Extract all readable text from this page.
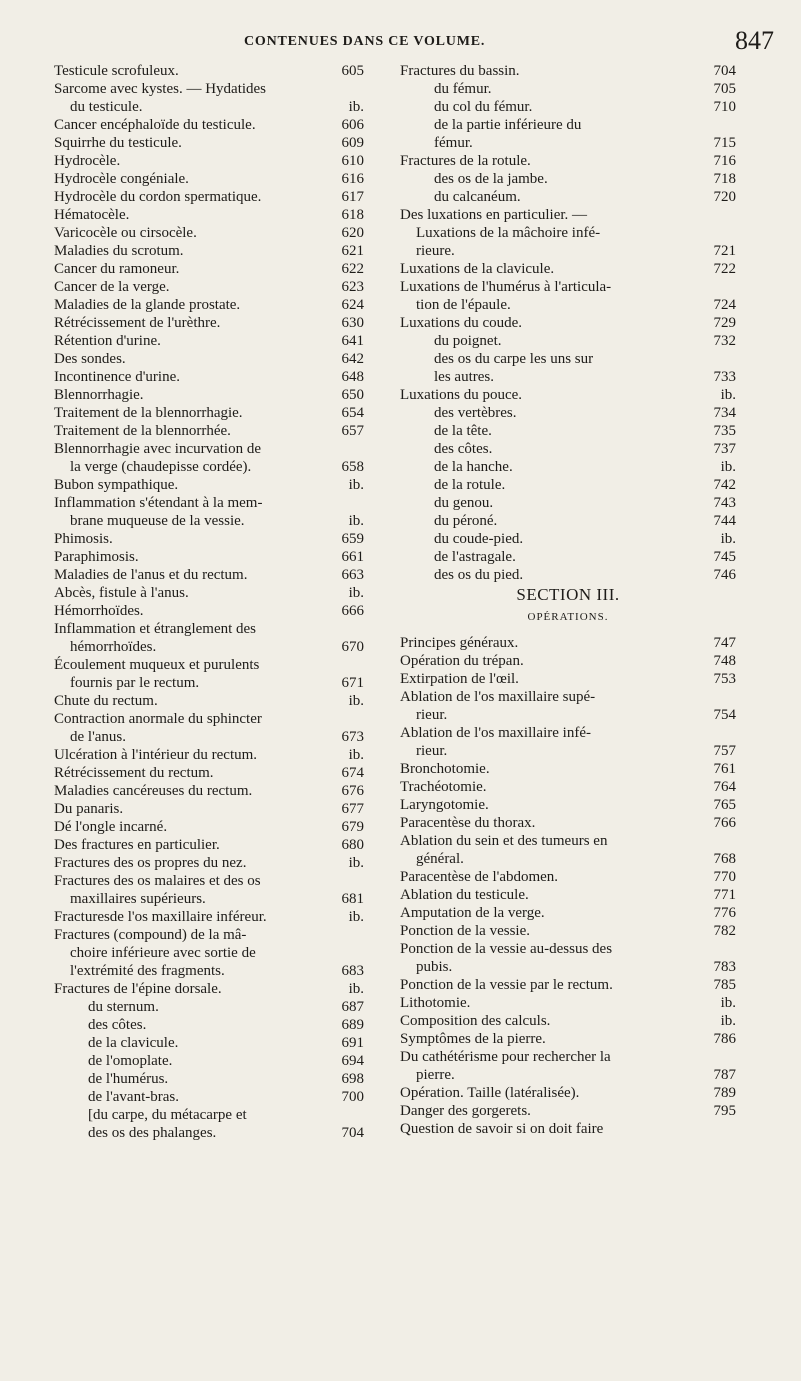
CONTENUES DANS CE VOLUME.	847
Testicule scrofuleux.	605
Sarcome avec kystes. — Hydatides
du testicule.	ib.
Cancer encéphaloïde du testicule.	606
Squirrhe du testicule.	609
Hydrocèle.	610
Hydrocèle congéniale.	616
Hydrocèle du cordon spermatique.	617
Hématocèle.	618
Varicocèle ou cirsocèle.	620
Maladies du scrotum.	621
Cancer du ramoneur.	622
Cancer de la verge.	623
Maladies de la glande prostate.	624
Rétrécissement de l'urèthre.	630
Rétention d'urine.	641
Des sondes.	642
Incontinence d'urine.	648
Blennorrhagie.	650
Traitement de la blennorrhagie.	654
Traitement de la blennorrhée.	657
Blennorrhagie avec incurvation de
la verge (chaudepisse cordée).	658
Bubon sympathique.	ib.
Inflammation s'étendant à la mem-
brane muqueuse de la vessie.	ib.
Phimosis.	659
Paraphimosis.	661
Maladies de l'anus et du rectum.	663
Abcès, fistule à l'anus.	ib.
Hémorrhoïdes.	666
Inflammation et étranglement des
hémorrhoïdes.	670
Écoulement muqueux et purulents
fournis par le rectum.	671
Chute du rectum.	ib.
Contraction anormale du sphincter
de l'anus.	673
Ulcération à l'intérieur du rectum.	ib.
Rétrécissement du rectum.	674
Maladies cancéreuses du rectum.	676
Du panaris.	677
Dé l'ongle incarné.	679
Des fractures en particulier.	680
Fractures des os propres du nez.	ib.
Fractures des os malaires et des os
maxillaires supérieurs.	681
Fracturesde l'os maxillaire inféreur.	ib.
Fractures (compound) de la mâ-
choire inférieure avec sortie de
l'extrémité des fragments.	683
Fractures de l'épine dorsale.	ib.
du sternum.	687
des côtes.	689
de la clavicule.	691
de l'omoplate.	694
de l'humérus.	698
de l'avant-bras.	700
[du carpe, du métacarpe et
des os des phalanges.	704
Fractures du bassin.	704
du fémur.	705
du col du fémur.	710
de la partie inférieure du
fémur.	715
Fractures de la rotule.	716
des os de la jambe.	718
du calcanéum.	720
Des luxations en particulier. —
Luxations de la mâchoire infé-
rieure.	721
Luxations de la clavicule.	722
Luxations de l'humérus à l'articula-
tion de l'épaule.	724
Luxations du coude.	729
du poignet.	732
des os du carpe les uns sur
les autres.	733
Luxations du pouce.	ib.
des vertèbres.	734
de la tête.	735
des côtes.	737
de la hanche.	ib.
de la rotule.	742
du genou.	743
du péroné.	744
du coude-pied.	ib.
de l'astragale.	745
des os du pied.	746
SECTION III.
OPÉRATIONS.
Principes généraux.	747
Opération du trépan.	748
Extirpation de l'œil.	753
Ablation de l'os maxillaire supé-
rieur.	754
Ablation de l'os maxillaire infé-
rieur.	757
Bronchotomie.	761
Trachéotomie.	764
Laryngotomie.	765
Paracentèse du thorax.	766
Ablation du sein et des tumeurs en
général.	768
Paracentèse de l'abdomen.	770
Ablation du testicule.	771
Amputation de la verge.	776
Ponction de la vessie.	782
Ponction de la vessie au-dessus des
pubis.	783
Ponction de la vessie par le rectum.	785
Lithotomie.	ib.
Composition des calculs.	ib.
Symptômes de la pierre.	786
Du cathétérisme pour rechercher la
pierre.	787
Opération. Taille (latéralisée).	789
Danger des gorgerets.	795
Question de savoir si on doit faire
